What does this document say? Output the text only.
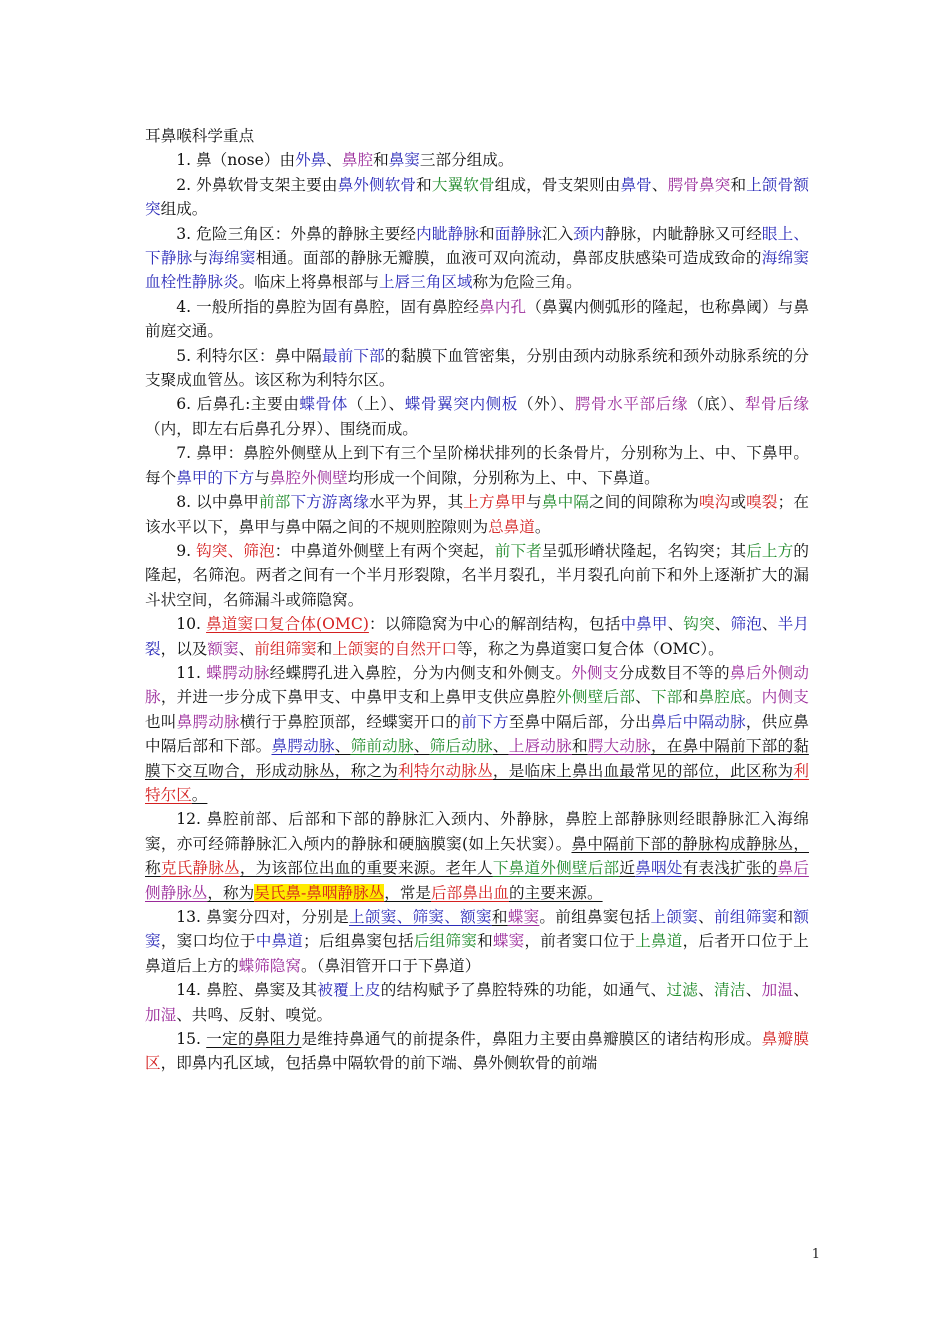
耳鼻喉科学重点

1. 鼻（nose）由外鼻、鼻腔和鼻窦三部分组成。

2. 外鼻软骨支架主要由鼻外侧软骨和大翼软骨组成，骨支架则由鼻骨、腭骨鼻突和上颌骨额突组成。

3. 危险三角区：外鼻的静脉主要经内眦静脉和面静脉汇入颈内静脉，内眦静脉又可经眼上、下静脉与海绵窦相通。面部的静脉无瓣膜，血液可双向流动，鼻部皮肤感染可造成致命的海绵窦血栓性静脉炎。临床上将鼻根部与上唇三角区域称为危险三角。

4. 一般所指的鼻腔为固有鼻腔，固有鼻腔经鼻内孔（鼻翼内侧弧形的隆起，也称鼻阈）与鼻前庭交通。

5. 利特尔区：鼻中隔最前下部的黏膜下血管密集，分别由颈内动脉系统和颈外动脉系统的分支聚成血管丛。该区称为利特尔区。

6. 后鼻孔:主要由蝶骨体（上）、蝶骨翼突内侧板（外）、腭骨水平部后缘（底）、犁骨后缘（内，即左右后鼻孔分界）、围绕而成。

7. 鼻甲：鼻腔外侧壁从上到下有三个呈阶梯状排列的长条骨片，分别称为上、中、下鼻甲。每个鼻甲的下方与鼻腔外侧壁均形成一个间隙，分别称为上、中、下鼻道。

8. 以中鼻甲前部下方游离缘水平为界，其上方鼻甲与鼻中隔之间的间隙称为嗅沟或嗅裂；在该水平以下，鼻甲与鼻中隔之间的不规则腔隙则为总鼻道。

9. 钩突、筛泡：中鼻道外侧壁上有两个突起，前下者呈弧形嵴状隆起，名钩突；其后上方的隆起，名筛泡。两者之间有一个半月形裂隙，名半月裂孔，半月裂孔向前下和外上逐渐扩大的漏斗状空间，名筛漏斗或筛隐窝。

10. 鼻道窦口复合体(OMC)：以筛隐窝为中心的解剖结构，包括中鼻甲、钩突、筛泡、半月裂，以及额窦、前组筛窦和上颌窦的自然开口等，称之为鼻道窦口复合体（OMC）。

11. 蝶腭动脉经蝶腭孔进入鼻腔，分为内侧支和外侧支。外侧支分成数目不等的鼻后外侧动脉，并进一步分成下鼻甲支、中鼻甲支和上鼻甲支供应鼻腔外侧壁后部、下部和鼻腔底。内侧支也叫鼻腭动脉横行于鼻腔顶部，经蝶窦开口的前下方至鼻中隔后部，分出鼻后中隔动脉，供应鼻中隔后部和下部。鼻腭动脉、筛前动脉、筛后动脉、上唇动脉和腭大动脉，在鼻中隔前下部的黏膜下交互吻合，形成动脉丛，称之为利特尔动脉丛，是临床上鼻出血最常见的部位，此区称为利特尔区。

12. 鼻腔前部、后部和下部的静脉汇入颈内、外静脉，鼻腔上部静脉则经眼静脉汇入海绵窦，亦可经筛静脉汇入颅内的静脉和硬脑膜窦(如上矢状窦）。鼻中隔前下部的静脉构成静脉丛，称克氏静脉丛，为该部位出血的重要来源。老年人下鼻道外侧壁后部近鼻咽处有表浅扩张的鼻后侧静脉丛，称为吴氏鼻-鼻咽静脉丛，常是后部鼻出血的主要来源。

13. 鼻窦分四对，分别是上颌窦、筛窦、额窦和蝶窦。前组鼻窦包括上颌窦、前组筛窦和额窦，窦口均位于中鼻道；后组鼻窦包括后组筛窦和蝶窦，前者窦口位于上鼻道，后者开口位于上鼻道后上方的蝶筛隐窝。（鼻泪管开口于下鼻道）

14. 鼻腔、鼻窦及其被覆上皮的结构赋予了鼻腔特殊的功能，如通气、过滤、清洁、加温、加湿、共鸣、反射、嗅觉。

15. 一定的鼻阻力是维持鼻通气的前提条件，鼻阻力主要由鼻瓣膜区的诸结构形成。鼻瓣膜区，即鼻内孔区域，包括鼻中隔软骨的前下端、鼻外侧软骨的前端

1
